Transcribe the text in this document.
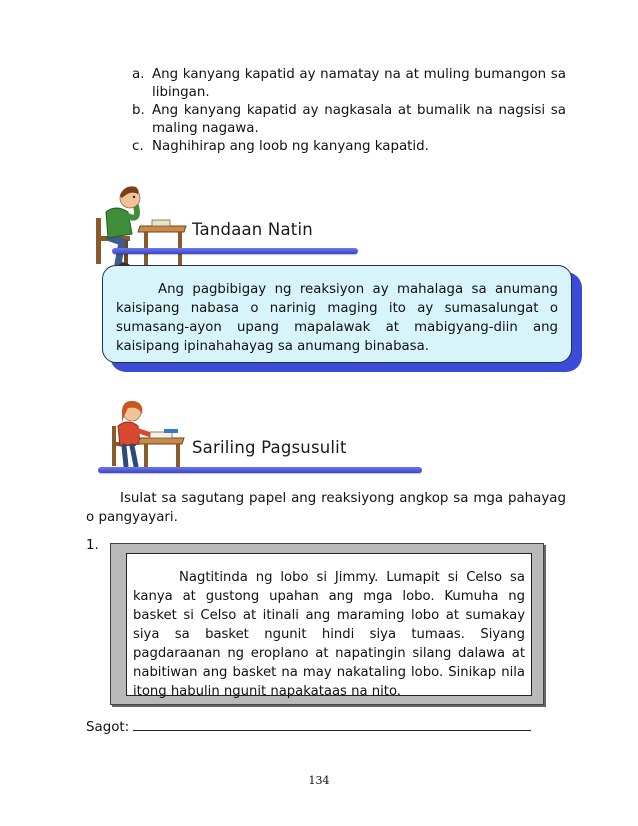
a. Ang kanyang kapatid ay namatay na at muling bumangon sa libingan.
b. Ang kanyang kapatid ay nagkasala at bumalik na nagsisi sa maling nagawa.
c. Naghihirap ang loob ng kanyang kapatid.
Tandaan Natin
Ang pagbibigay ng reaksiyon ay mahalaga sa anumang kaisipang nabasa o narinig maging ito ay sumasalungat o sumasang-ayon upang mapalawak at mabigyang-diin ang kaisipang ipinahahayag sa anumang binabasa.
Sariling Pagsusulit
Isulat sa sagutang papel ang reaksiyong angkop sa mga pahayag o pangyayari.
1.
Nagtitinda ng lobo si Jimmy. Lumapit si Celso sa kanya at gustong upahan ang mga lobo. Kumuha ng basket si Celso at itinali ang maraming lobo at sumakay siya sa basket ngunit hindi siya tumaas. Siyang pagdaraanan ng eroplano at napatingin silang dalawa at nabitiwan ang basket na may nakataling lobo. Sinikap nila itong habulin ngunit napakataas na nito.
Sagot:
134
